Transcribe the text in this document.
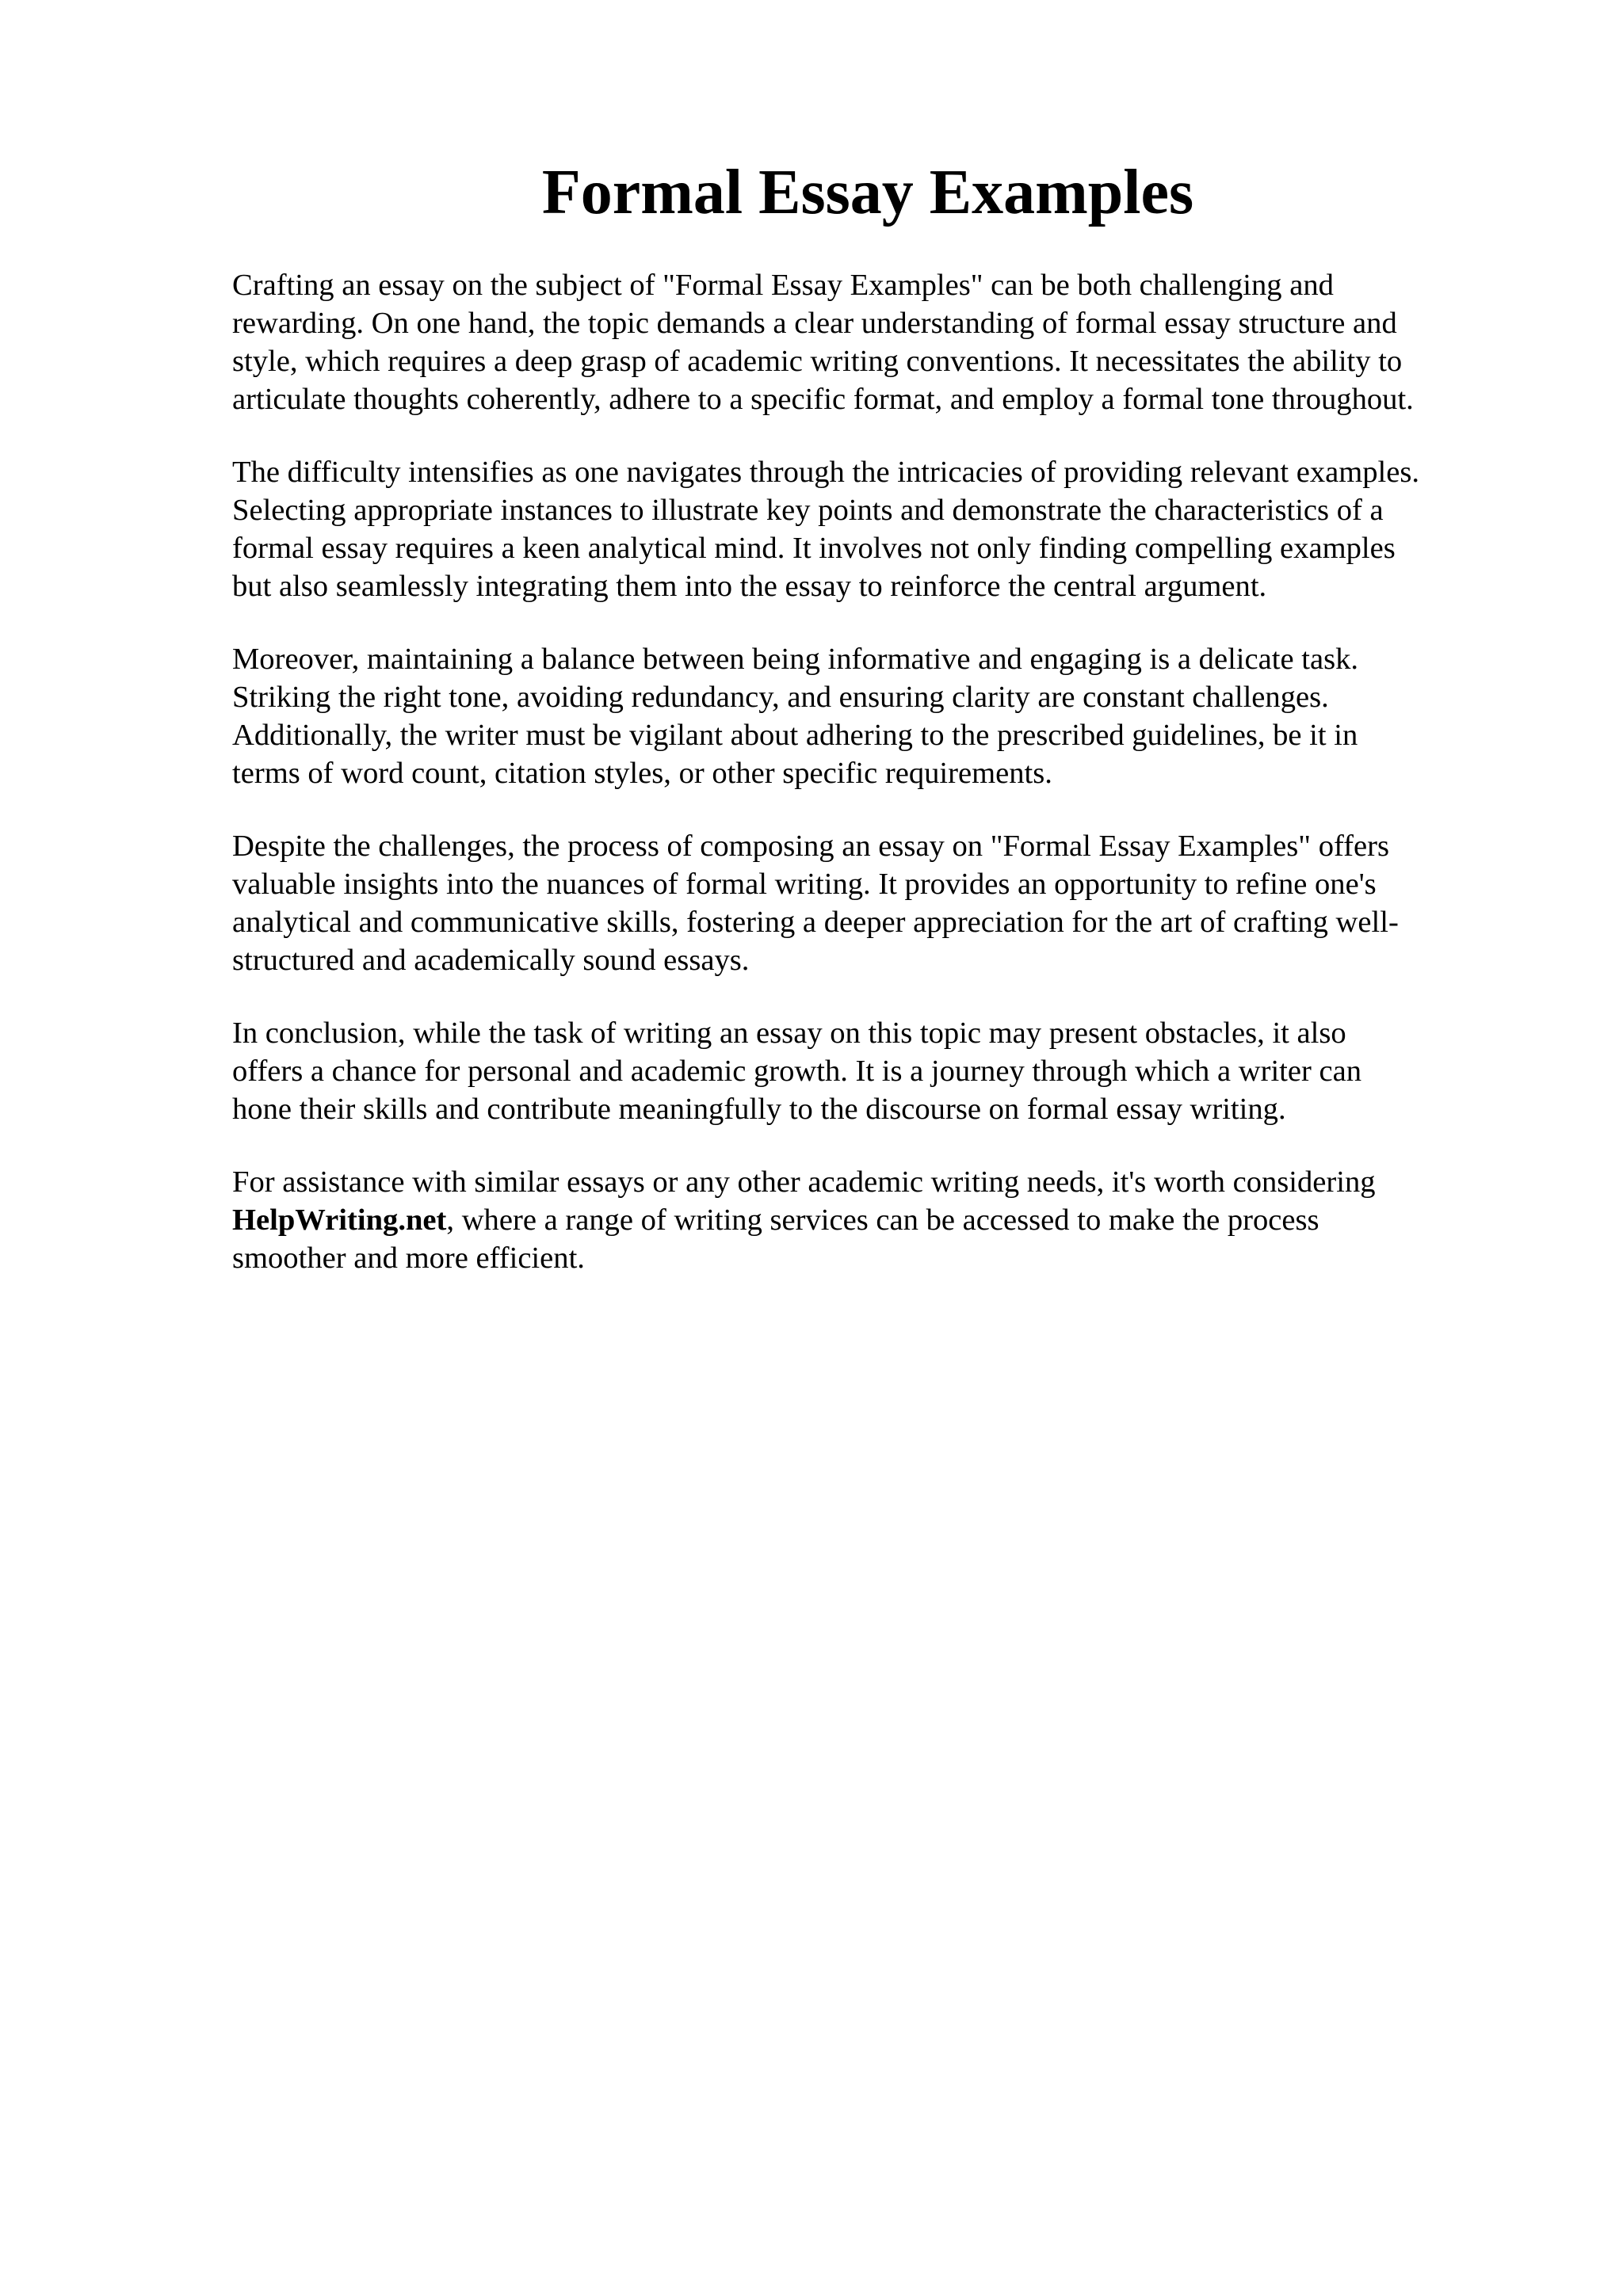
Formal Essay Examples

Crafting an essay on the subject of "Formal Essay Examples" can be both challenging and
rewarding. On one hand, the topic demands a clear understanding of formal essay structure and
style, which requires a deep grasp of academic writing conventions. It necessitates the ability to
articulate thoughts coherently, adhere to a specific format, and employ a formal tone throughout.

The difficulty intensifies as one navigates through the intricacies of providing relevant examples.
Selecting appropriate instances to illustrate key points and demonstrate the characteristics of a
formal essay requires a keen analytical mind. It involves not only finding compelling examples
but also seamlessly integrating them into the essay to reinforce the central argument.

Moreover, maintaining a balance between being informative and engaging is a delicate task.
Striking the right tone, avoiding redundancy, and ensuring clarity are constant challenges.
Additionally, the writer must be vigilant about adhering to the prescribed guidelines, be it in
terms of word count, citation styles, or other specific requirements.

Despite the challenges, the process of composing an essay on "Formal Essay Examples" offers
valuable insights into the nuances of formal writing. It provides an opportunity to refine one's
analytical and communicative skills, fostering a deeper appreciation for the art of crafting well-
structured and academically sound essays.

In conclusion, while the task of writing an essay on this topic may present obstacles, it also
offers a chance for personal and academic growth. It is a journey through which a writer can
hone their skills and contribute meaningfully to the discourse on formal essay writing.

For assistance with similar essays or any other academic writing needs, it's worth considering
HelpWriting.net, where a range of writing services can be accessed to make the process
smoother and more efficient.
